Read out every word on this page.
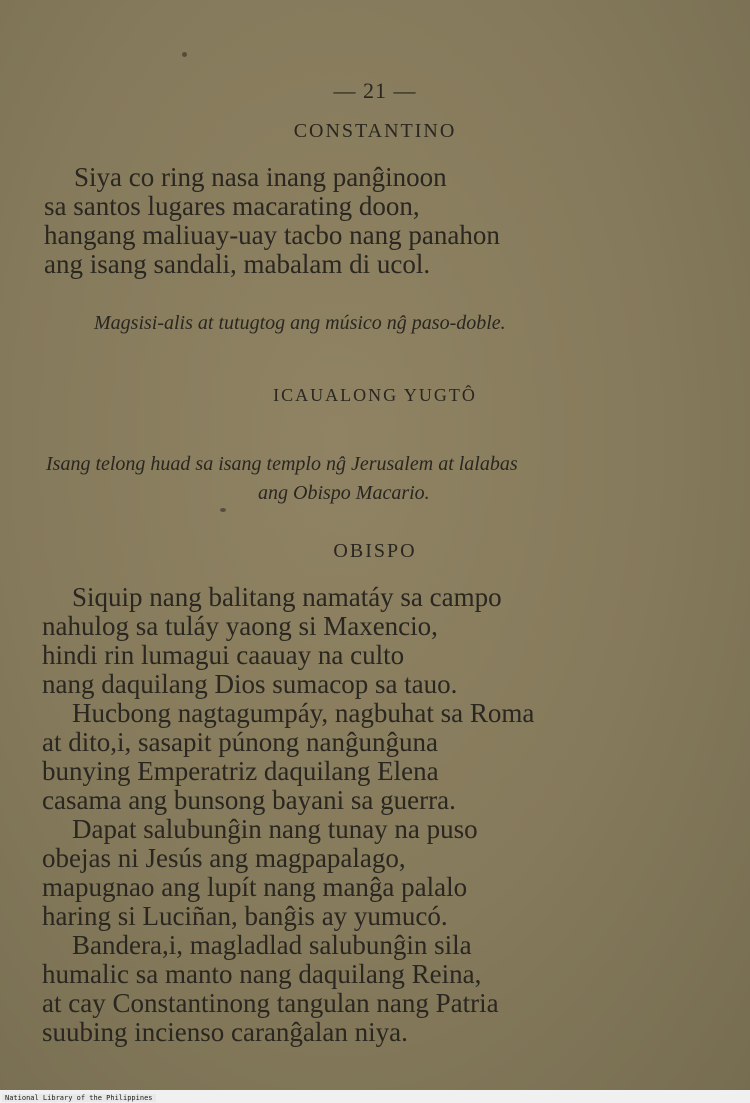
— 21 —
CONSTANTINO
Siya co ring nasa inang panĝinoon
sa santos lugares macarating doon,
hangang maliuay-uay tacbo nang panahon
ang isang sandali, mabalam di ucol.
Magsisi-alis at tutugtog ang músico nĝ paso-doble.
ICAUALONG YUGTÔ
Isang telong huad sa isang templo nĝ Jerusalem at lalabas
ang Obispo Macario.
OBISPO
Siquip nang balitang namatáy sa campo
nahulog sa tuláy yaong si Maxencio,
hindi rin lumagui caauay na culto
nang daquilang Dios sumacop sa tauo.
Hucbong nagtagumpáy, nagbuhat sa Roma
at dito,i, sasapit púnong nanĝunĝuna
bunying Emperatriz daquilang Elena
casama ang bunsong bayani sa guerra.
Dapat salubunĝin nang tunay na puso
obejas ni Jesús ang magpapalago,
mapugnao ang lupít nang manĝa palalo
haring si Luciñan, banĝis ay yumucó.
Bandera,i, magladlad salubunĝin sila
humalic sa manto nang daquilang Reina,
at cay Constantinong tangulan nang Patria
suubing incienso caranĝalan niya.
National Library of the Philippines
